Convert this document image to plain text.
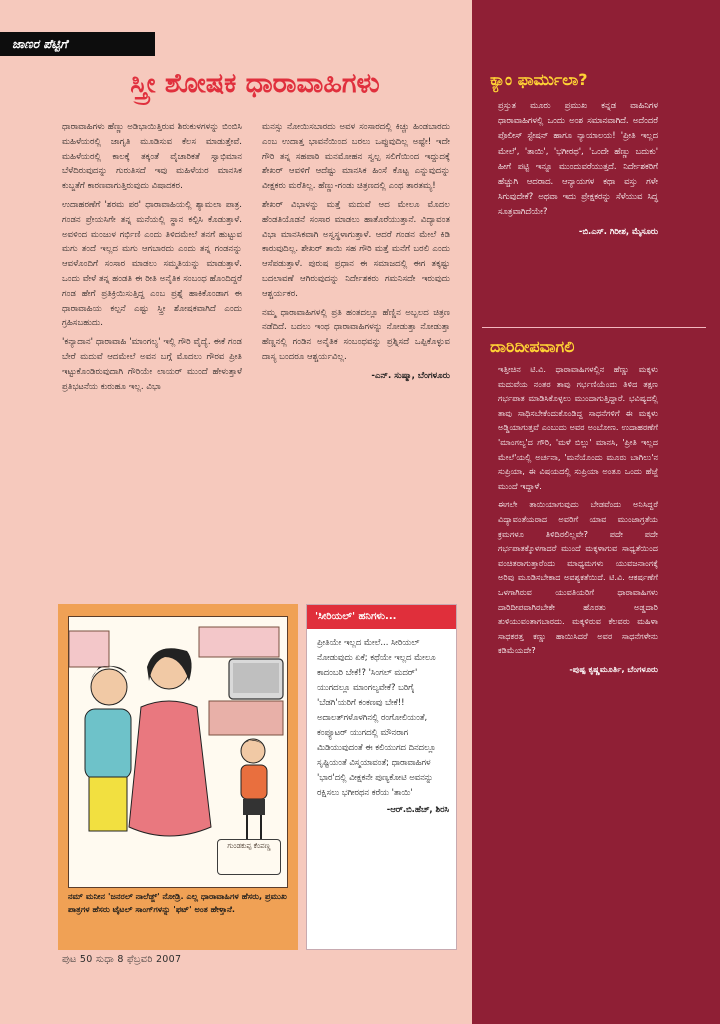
ಜಾಣರ ಪೆಟ್ಟಿಗೆ
ಸ್ತ್ರೀ ಶೋಷಕ ಧಾರಾವಾಹಿಗಳು

ಧಾರಾವಾಹಿಗಳು ಹೆಣ್ಣು ಅಡಿಭಾಯಿತ್ತಿರುವ ಶಿರುಕುಳಗಳನ್ನು ಬಿಂಬಿಸಿ ಮಹಿಳೆಯರಲ್ಲಿ ಜಾಗೃತಿ ಮೂಡಿಸುವ ಕೆಲಸ ಮಾಡುತ್ತೇವೆ. ಮಹಿಳೆಯರಲ್ಲಿ ಕಾಲಕ್ಕೆ ತಕ್ಕಂತೆ ವೈಚಾರಿಕತೆ ಸ್ವಾಭಿಮಾನ ಬೆಳೆದಿರುವುದನ್ನು ಗುರುತಿಸದೆ ಇವು ಮಹಿಳೆಯರ ಮಾನಸಿಕ ಕುಬ್ಜತೆಗೆ ಕಾರಣವಾಗುತ್ತಿರುವುದು ವಿಷಾದಕರ.

ಉದಾಹರಣೆಗೆ 'ಶರಮ ಪರ' ಧಾರಾವಾಹಿಯಲ್ಲಿ ಶ್ಯಾಮಲಾ ಪಾತ್ರ. ಗಂಡನ ಪ್ರೇಯಸಿಗೇ ತನ್ನ ಮನೆಯಲ್ಲಿ ಸ್ಥಾನ ಕಲ್ಪಿಸಿ ಕೊಡುತ್ತಾಳೆ. ಅವಳಿಂದ ಮಂಜುಳ ಗರ್ಭಿಣಿ ಎಂದು ತಿಳಿದಮೇಲೆ ತನಗೆ ಹುಟ್ಟುವ ಮಗು ತಂದೆ ಇಲ್ಲದ ಮಗು ಆಗಬಾರದು ಎಂದು ತನ್ನ ಗಂಡನನ್ನು ಆವಳೊಂದಿಗೆ ಸಂಸಾರ ಮಾಡಲು ಸಮ್ಮತಿಯನ್ನು ಮಾಡುತ್ತಾಳೆ. ಒಂದು ವೇಳೆ ತನ್ನ ಹಂಡತಿ ಈ ರೀತಿ ಅನೈತಿಕ ಸಂಬಂಧ ಹೊಂದಿದ್ದರೆ ಗಂಡ ಹೇಗೆ ಪ್ರತಿಕ್ರಿಯಿಸುತ್ತಿದ್ದ ಎಂಬ ಪ್ರಶ್ನೆ ಹಾಕಿಕೊಂಡಾಗ ಈ ಧಾರಾವಾಹಿಯ ಕಲ್ಪನೆ ಎಷ್ಟು ಸ್ತ್ರೀ ಶೋಷಕವಾಗಿದೆ ಎಂದು ಗ್ರಹಿಸಬಹುದು.

'ಕನ್ಯಾದಾನ' ಧಾರಾವಾಹಿ 'ಮಾಂಗಲ್ಯ' ಇಲ್ಲಿ ಗೌರಿ ವೈದ್ಯೆ. ಈಕೆ ಗಂಡ ಬೇರೆ ಮದುವೆ ಆದಮೇಲೆ ಅವನ ಬಗ್ಗೆ ಮೊದಲು ಗೌರವ ಪ್ರೀತಿ ಇಟ್ಟುಕೊಂಡಿರುವುದಾಗಿ ಗೌರಿಯೇ ಲಾಯರ್ ಮುಂದೆ ಹೇಳುತ್ತಾಳೆ ಪ್ರತಿಭಟನೆಯ ಕುರುಹೂ ಇಲ್ಲ. ವಿಭಾ

ಮನಸ್ಸು ನೋಯಿಸಬಾರದು ಅವಳ ಸಂಸಾರದಲ್ಲಿ ಕಿಚ್ಚು ಹಿಂಡಬಾರದು ಎಂಬ ಉದಾತ್ತ ಭಾವನೆಯಿಂದ ಬರಲು ಒಪ್ಪುವುದಿಲ್ಲ ಅಷ್ಟೇ! ಇದೇ ಗೌರಿ ತನ್ನ ಸಹಪಾಠಿ ಮನಮೋಹನ ಸ್ವಲ್ಪ ಸಲಿಗೆಯಿಂದ ಇದ್ದುದಕ್ಕೆ ಶೇಖರ್ ಆವಳಿಗೆ ಆದೆಷ್ಟು ಮಾನಸಿಕ ಹಿಂಸೆ ಕೊಟ್ಟ ಎನ್ನುವುದನ್ನು ವೀಕ್ಷಕರು ಮರೆತಿಲ್ಲ. ಹೆಣ್ಣು-ಗಂಡು ಚಿತ್ರಣದಲ್ಲಿ ಎಂಥ ತಾರತಮ್ಯ!

ಶೇಖರ್ ವಿಭಾಳನ್ನು ಮತ್ತೆ ಮದುವೆ ಆದ ಮೇಲೂ ಮೊದಲ ಹೆಂಡತಿಯೊಡನೆ ಸಂಸಾರ ಮಾಡಲು ಹಾತೊರೆಯುತ್ತಾನೆ. ವಿದ್ಯಾವಂತ ವಿಭಾ ಮಾನಸಿಕವಾಗಿ ಅಸ್ವಸ್ಥಳಾಗುತ್ತಾಳೆ. ಆದರೆ ಗಂಡನ ಮೇಲೆ ಕಿಡಿ ಕಾರುವುದಿಲ್ಲ. ಶೇಖರ್ ತಾಯಿ ಸಹ ಗೌರಿ ಮತ್ತೆ ಮನೆಗೆ ಬರಲಿ ಎಂದು ಆಸೆಪಡುತ್ತಾಳೆ. ಪುರುಷ ಪ್ರಧಾನ ಈ ಸಮಾಜದಲ್ಲಿ ಈಗ ತಕ್ಕಷ್ಟು ಬದಲಾವಣೆ ಆಗಿರುವುದನ್ನು ನಿರ್ದೇಶಕರು ಗಮನಿಸದೇ ಇರುವುದು ಆಶ್ಚರ್ಯಕರ.

ನಮ್ಮ ಧಾರಾವಾಹಿಗಳಲ್ಲಿ ಪ್ರತಿ ಹಂತದಲ್ಲೂ ಹೆಣ್ಣಿನ ಅಬ್ಬಲದ ಚಿತ್ರಣ ನಡೆದಿದೆ. ಬದಲು ಇಂಥ ಧಾರಾವಾಹಿಗಳನ್ನು ನೋಡುತ್ತಾ ನೋಡುತ್ತಾ ಹೆಣ್ಣನಲ್ಲಿ ಗಂಡಿನ ಅನೈತಿಕ ಸಂಬಂಧವನ್ನು ಪ್ರಶ್ನಿಸದೆ ಒಪ್ಪಿಕೊಳ್ಳುವ ದಾಸ್ಯ ಬಂದರೂ ಆಶ್ಚರ್ಯವಿಲ್ಲ.

-ಎನ್. ಸುಷ್ಮಾ, ಬೆಂಗಳೂರು

ಕ್ಯಾಂ ಫಾರ್ಮುಲಾ?

ಪ್ರಸ್ತುತ ಮೂರು ಪ್ರಮುಖ ಕನ್ನಡ ವಾಹಿನಿಗಳ ಧಾರಾವಾಹಿಗಳಲ್ಲಿ ಒಂದು ಅಂಶ ಸಮಾನವಾಗಿದೆ. ಅದೆಂದರೆ ಪೊಲೀಸ್ ಸ್ಟೇಷನ್ ಹಾಗೂ ನ್ಯಾಯಾಲಯ! 'ಪ್ರೀತಿ ಇಲ್ಲದ ಮೇಲೆ', 'ತಾಯಿ', 'ಭಗೀರಥ', 'ಒಂದೇ ಹೆಣ್ಣು ಬದುಕು' ಹೀಗೆ ಪಟ್ಟಿ ಇನ್ನೂ ಮುಂದುವರೆಯುತ್ತದೆ. ನಿರ್ದೇಶಕರಿಗೆ ಹೆಚ್ಚುಗಿ ಆದರಾದ. ಆನ್ಯಾಯಗಳ ಕಥಾ ವಸ್ತು ಗಳೇ ಸಿಗುವುದೇಕೆ? ಅಥವಾ ಇದು ಪ್ರೇಕ್ಷಕರನ್ನು ಸೆಳೆಯುವ ಸಿದ್ಧ ಸೂತ್ರವಾಗಿದೆಯೇ?

-ಬಿ.ಎಸ್. ಗಿರೀಶ, ಮೈಸೂರು

ದಾರಿದೀಪವಾಗಲಿ

ಇತ್ತೀಚಿನ ಟಿ.ವಿ. ಧಾರಾವಾಹಿಗಳಲ್ಲಿನ ಹೆಣ್ಣು ಮಕ್ಕಳು ಮದುವೆಯ ನಂತರ ತಾವು ಗರ್ಭಣಿಯೆಂದು ತಿಳಿದ ತಕ್ಷಣ ಗರ್ಭಪಾತ ಮಾಡಿಸಿಕೊಳ್ಳಲು ಮುಂದಾಗುತ್ತಿದ್ದಾರೆ. ಭವಿಷ್ಯದಲ್ಲಿ ತಾವು ಸಾಧಿಸಬೇಕೆಂದುಕೊಂಡಿದ್ದ ಸಾಧನೆಗಳಿಗೆ ಈ ಮಕ್ಕಳು ಅಡ್ಡಿಯಾಗುತ್ತವೆ ಎಂಬುದು ಅವರ ಅಂಬೋಣ. ಉದಾಹರಣೆಗೆ 'ಮಾಂಗಲ್ಯ'ದ ಗೌರಿ, 'ಮಳೆ ಬಿಲ್ಲು' ಮಾನಸಿ, 'ಪ್ರೀತಿ ಇಲ್ಲದ ಮೇಲೆ'ಯಲ್ಲಿ ಅರ್ಚನಾ, 'ಮನೆಯೊಂದು ಮೂರು ಬಾಗಿಲು'ನ ಸುಪ್ರಿಯಾ, ಈ ವಿಷಯದಲ್ಲಿ ಸುಪ್ರಿಯಾ ಅಂತೂ ಒಂದು ಹೆಜ್ಜೆ ಮುಂದೆ ಇದ್ದಾಳೆ.

ಈಗಲೇ ತಾಯಿಯಾಗುವುದು ಬೇಡವೆಂದು ಅನಿಸಿದ್ದರೆ ವಿದ್ಯಾವಂತೆಯರಾದ ಅವರಿಗೆ ಯಾವ ಮುಂಜಾಗ್ರತೆಯ ಕ್ರಮಗಳೂ ತಿಳಿದಿರಲಿಲ್ಲವೇ? ಪದೇ ಪದೇ ಗರ್ಭಪಾತಕ್ಕೊಳಗಾದರೆ ಮುಂದೆ ಮಕ್ಕಳಾಗುವ ಸಾಧ್ಯತೆಯಿಂದ ವಂಚಿತರಾಗುತ್ತಾರೆಂದು ಮಾಧ್ಯಮಗಳು ಯುವಜನಾಂಗಕ್ಕೆ ಅರಿವು ಮೂಡಿಸಬೇಕಾದ ಅವಶ್ಯಕತೆಯಿದೆ. ಟಿ.ವಿ. ಆಕರ್ಷಣೆಗೆ ಒಳಗಾಗಿರುವ ಯುವತಿಯರಿಗೆ ಧಾರಾವಾಹಿಗಳು ದಾರಿದೀಪವಾಗಿರಬೇಕೇ ಹೊರತು ಅಡ್ಡದಾರಿ ತುಳಿಯುವಂತಾಗಬಾರದು. ಮಕ್ಕಳಿರುವ ಕೆಲವರು ಮಹಿಳಾ ಸಾಧಕರತ್ತ ಕಣ್ಣು ಹಾಯಿಸಿದರೆ ಅವರ ಸಾಧನೆಗಳೇನು ಕಡಿಮೆಯದೇ?

-ಪುಷ್ಪ ಕೃಷ್ಣಮೂರ್ತಿ, ಬೆಂಗಳೂರು

ಗುಂಡಕುಪ್ಪ ಕೆಂಪಣ್ಣ
ನಮ್ ಮನೀನ 'ಜನರಲ್ ನಾಲೆಡ್ಜ್' ನೋಡ್ರಿ. ಎಲ್ಲ ಧಾರಾವಾಹಿಗಳ ಹೆಸರು, ಪ್ರಮುಖ ಪಾತ್ರಗಳ ಹೆಸರು ಟೈಟಲ್ ಸಾಂಗ್‌ಗಳನ್ನು 'ಫಟ್' ಅಂತ ಹೇಳ್ತಾನೆ.
'ಸೀರಿಯಲ್' ಹನಿಗಳು...
ಪ್ರೀತಿಯೇ ಇಲ್ಲದ ಮೇಲೆ... ಸೀರಿಯಲ್ ನೋಡುವುದು ಏಕೆ; ಕಥೆಯೇ ಇಲ್ಲದ ಮೇಲೂ ಕಾದಂಬರಿ ಬೇಕೆ!? 'ಸಿಂಗಲ್ ಮದರ್' ಯುಗದಲ್ಲೂ ಮಾಂಗಲ್ಯವೇಕೆ? ಬರಿಗೈ 'ಬೆಡಗಿ'ಯರಿಗೆ ಕಂಕಣವು ಬೇಕೆ!! ಅದಾಲತ್‌ಗಳೊಳಗಿನಲ್ಲಿ ರಂಗೋಲಿಯಂತೆ, ಕಂಪ್ಯೂಟರ್ ಯುಗದಲ್ಲಿ ಮೌನರಾಗ ಮಿಡಿಯುವುದಂತೆ ಈ ಕಲಿಯುಗದ ದಿನದಲ್ಲೂ ಸೃಷ್ಟಿಯಂತೆ ವಿಸ್ಮಯಾವಂತೆ; ಧಾರಾವಾಹಿಗಳ 'ಭಾರ'ದಲ್ಲಿ ವೀಕ್ಷಕನೇ ಪುಣ್ಯಕೋಟಿ ಅವನನ್ನು ರಕ್ಷಿಸಲು ಭಗೀರಥನ ಕರೆಯ 'ತಾಯಿ'
-ಆರ್.ಬಿ.ಹೆಚ್, ಶಿರಸಿ
ಪುಟ 50 ಸುಧಾ 8 ಫೆಬ್ರವರಿ 2007
